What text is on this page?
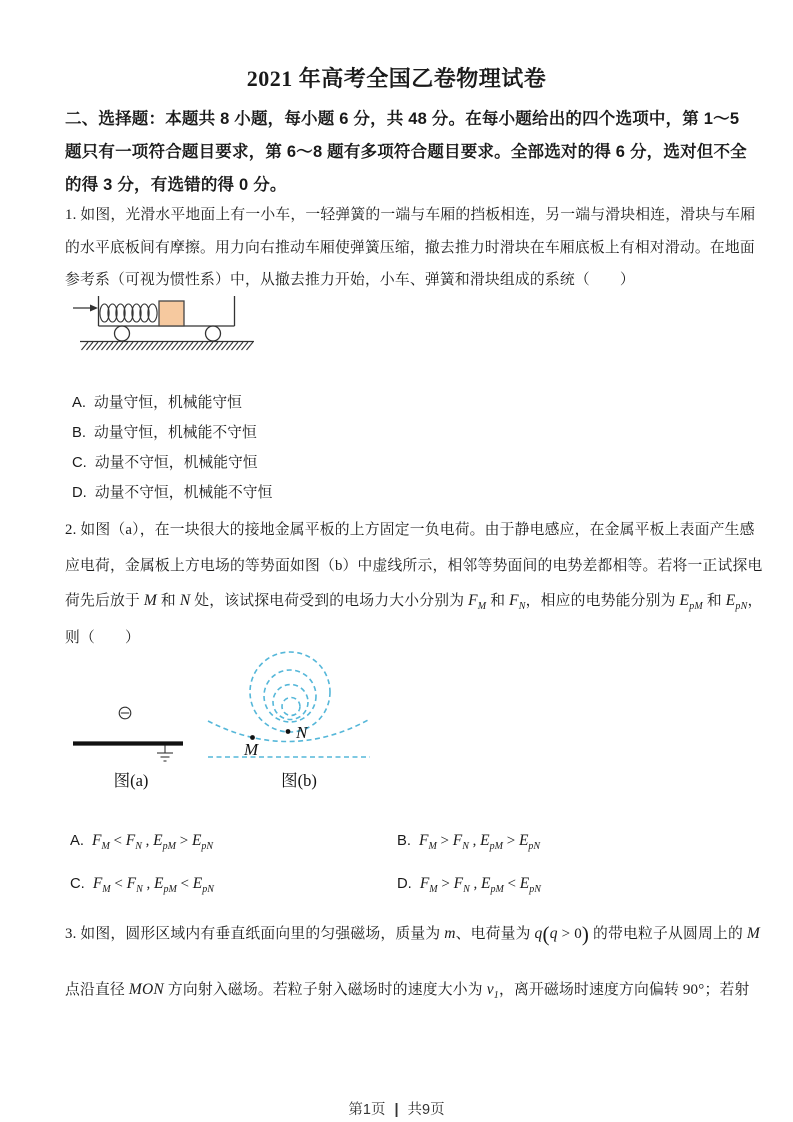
2021 年高考全国乙卷物理试卷
二、选择题：本题共 8 小题，每小题 6 分，共 48 分。在每小题给出的四个选项中，第 1～5
题只有一项符合题目要求，第 6～8 题有多项符合题目要求。全部选对的得 6 分，选对但不全
的得 3 分，有选错的得 0 分。
1. 如图，光滑水平地面上有一小车，一轻弹簧的一端与车厢的挡板相连，另一端与滑块相连，滑块与车厢
的水平底板间有摩擦。用力向右推动车厢使弹簧压缩，撤去推力时滑块在车厢底板上有相对滑动。在地面
参考系（可视为惯性系）中，从撤去推力开始，小车、弹簧和滑块组成的系统（　　）
A. 动量守恒，机械能守恒
B. 动量守恒，机械能不守恒
C. 动量不守恒，机械能守恒
D. 动量不守恒，机械能不守恒
2. 如图（a），在一块很大的接地金属平板的上方固定一负电荷。由于静电感应，在金属平板上表面产生感
应电荷，金属板上方电场的等势面如图（b）中虚线所示，相邻等势面间的电势差都相等。若将一正试探电
荷先后放于 M 和 N 处，该试探电荷受到的电场力大小分别为 $F_M$ 和 $F_N$，相应的电势能分别为 $E_{pM}$ 和 $E_{pN}$，
则（　　）
图(a)
M
N
图(b)
A. $F_M < F_N$ , $E_{pM} > E_{pN}$	B. $F_M > F_N$ , $E_{pM} > E_{pN}$
C. $F_M < F_N$ , $E_{pM} < E_{pN}$	D. $F_M > F_N$ , $E_{pM} < E_{pN}$
3. 如图，圆形区域内有垂直纸面向里的匀强磁场，质量为 m、电荷量为 q(q > 0) 的带电粒子从圆周上的 M
点沿直径 MON 方向射入磁场。若粒子射入磁场时的速度大小为 $v_1$，离开磁场时速度方向偏转 90°；若射
第1页 | 共9页
